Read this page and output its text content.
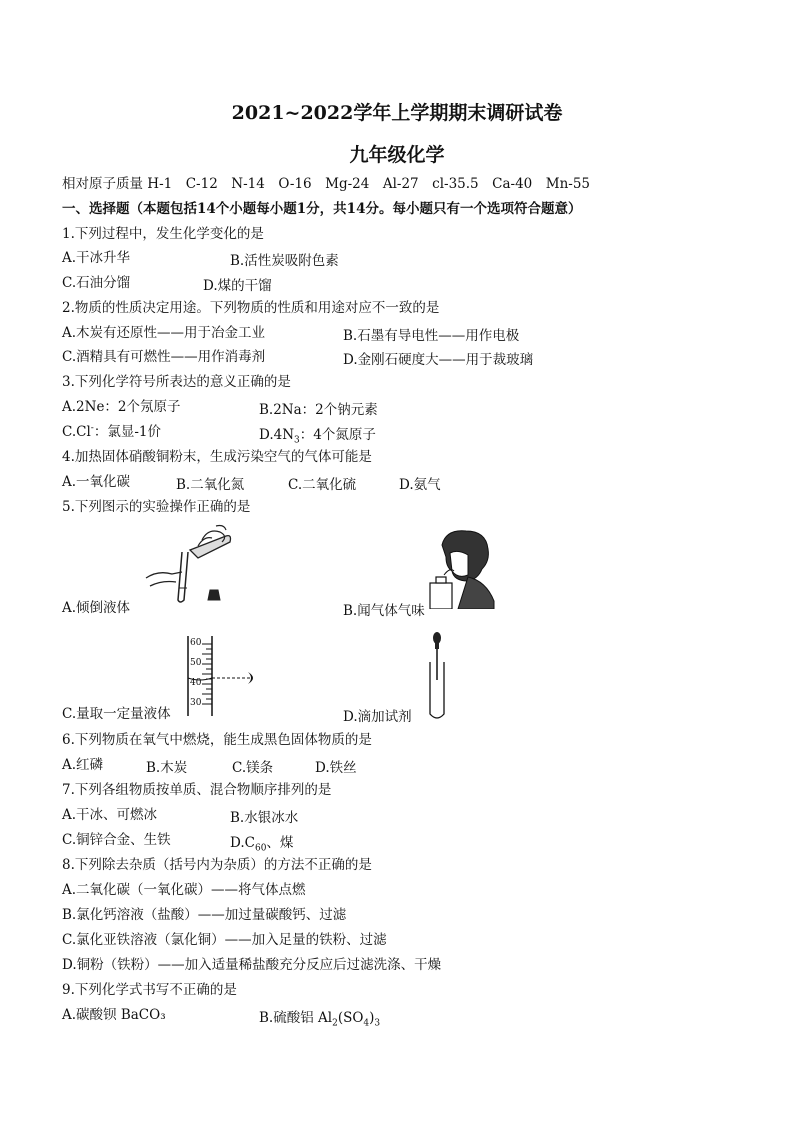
2021~2022学年上学期期末调研试卷
九年级化学
相对原子质量 H-1　C-12　N-14　O-16　Mg-24　Al-27　cl-35.5　Ca-40　Mn-55
一、选择题（本题包括14个小题每小题1分，共14分。每小题只有一个选项符合题意）
1.下列过程中，发生化学变化的是
A.干冰升华	B.活性炭吸附色素
C.石油分馏	D.煤的干馏
2.物质的性质决定用途。下列物质的性质和用途对应不一致的是
A.木炭有还原性——用于冶金工业	B.石墨有导电性——用作电极
C.酒精具有可燃性——用作消毒剂	D.金刚石硬度大——用于裁玻璃
3.下列化学符号所表达的意义正确的是
A.2Ne：2个氖原子	B.2Na：2个钠元素
C.Cl-：氯显-1价	$D.4N_3$：4个氮原子
4.加热固体硝酸铜粉末，生成污染空气的气体可能是
A.一氧化碳	B.二氧化氮	C.二氧化硫	D.氨气
5.下列图示的实验操作正确的是
A.倾倒液体	B.闻气体气味
60
50
40
30
C.量取一定量液体	D.滴加试剂
6.下列物质在氧气中燃烧，能生成黑色固体物质的是
A.红磷	B.木炭	C.镁条	D.铁丝
7.下列各组物质按单质、混合物顺序排列的是
A.干冰、可燃冰	B.水银冰水
C.铜锌合金、生铁	$D.C_{60}$、煤
8.下列除去杂质（括号内为杂质）的方法不正确的是
A.二氧化碳（一氧化碳）——将气体点燃
B.氯化钙溶液（盐酸）——加过量碳酸钙、过滤
C.氯化亚铁溶液（氯化铜）——加入足量的铁粉、过滤
D.铜粉（铁粉）——加入适量稀盐酸充分反应后过滤洗涤、干燥
9.下列化学式书写不正确的是
A.碳酸钡 BaCO₃	B.硫酸铝 $Al_2(SO_4)_3$
